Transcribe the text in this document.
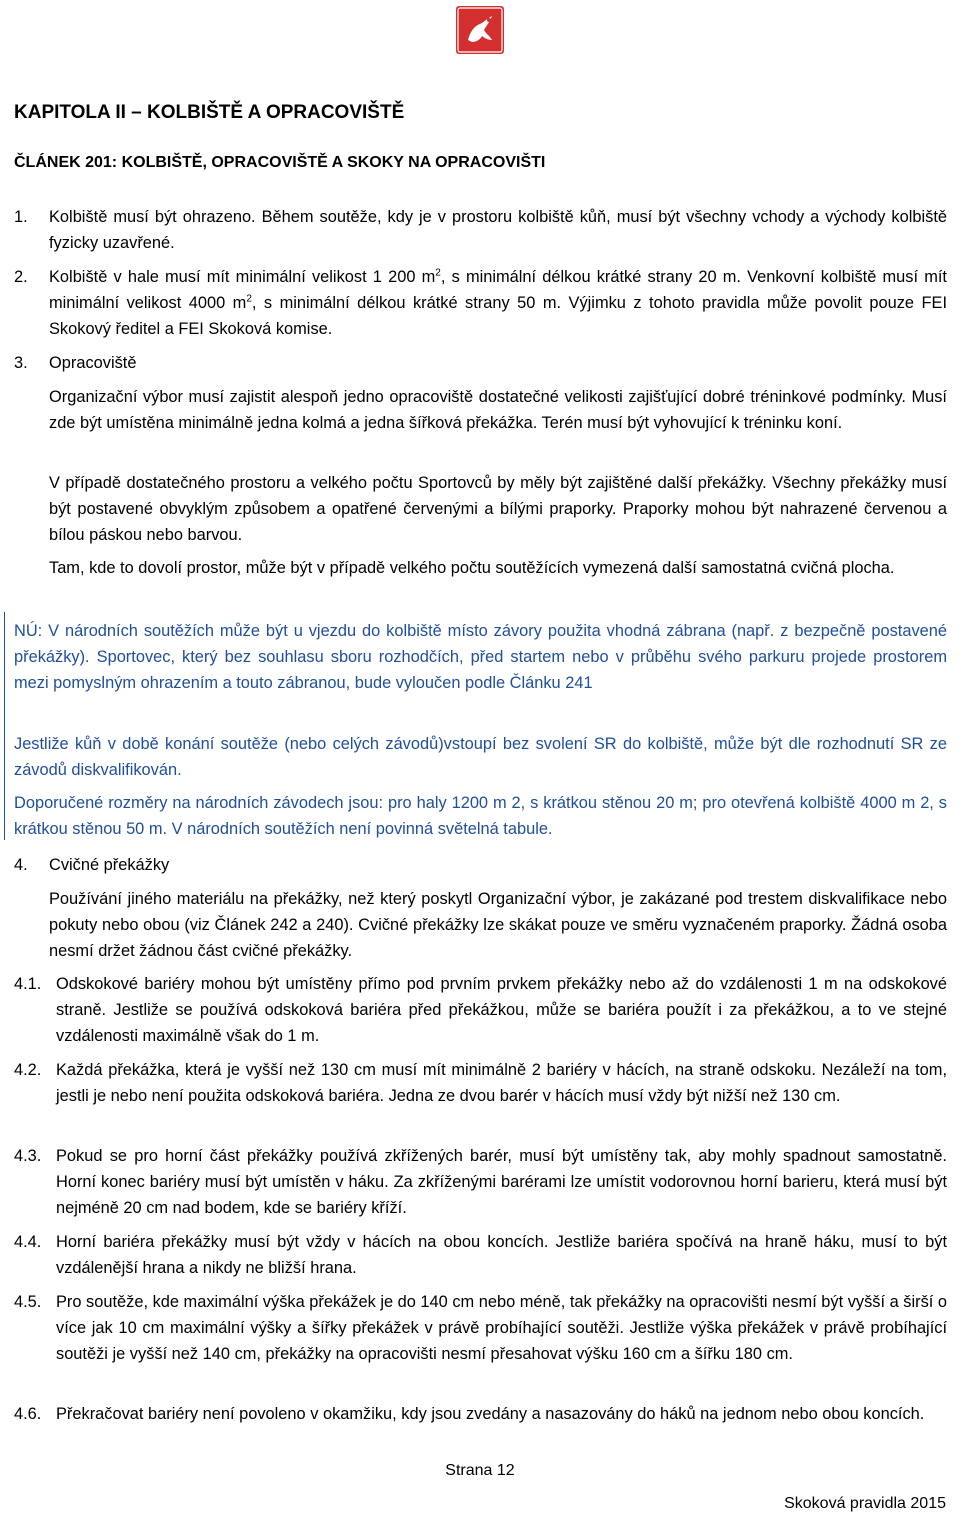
KAPITOLA II – KOLBIŠTĚ A OPRACOVIŠTĚ
ČLÁNEK 201: KOLBIŠTĚ, OPRACOVIŠTĚ A SKOKY NA OPRACOVIŠTI
1. Kolbiště musí být ohrazeno. Během soutěže, kdy je v prostoru kolbiště kůň, musí být všechny vchody a východy kolbiště fyzicky uzavřené.

2. Kolbiště v hale musí mít minimální velikost 1 200 $m^2$, s minimální délkou krátké strany 20 m. Venkovní kolbiště musí mít minimální velikost 4000 $m^2$, s minimální délkou krátké strany 50 m. Výjimku z tohoto pravidla může povolit pouze FEI Skokový ředitel a FEI Skoková komise.

3. Opracoviště

Organizační výbor musí zajistit alespoň jedno opracoviště dostatečné velikosti zajišťující dobré tréninkové podmínky. Musí zde být umístěna minimálně jedna kolmá a jedna šířková překážka. Terén musí být vyhovující k tréninku koní.

V případě dostatečného prostoru a velkého počtu Sportovců by měly být zajištěné další překážky. Všechny překážky musí být postavené obvyklým způsobem a opatřené červenými a bílými praporky. Praporky mohou být nahrazené červenou a bílou páskou nebo barvou.

Tam, kde to dovolí prostor, může být v případě velkého počtu soutěžících vymezená další samostatná cvičná plocha.

NÚ: V národních soutěžích může být u vjezdu do kolbiště místo závory použita vhodná zábrana (např. z bezpečně postavené překážky). Sportovec, který bez souhlasu sboru rozhodčích, před startem nebo v průběhu svého parkuru projede prostorem mezi pomyslným ohrazením a touto zábranou, bude vyloučen podle Článku 241

Jestliže kůň v době konání soutěže (nebo celých závodů)vstoupí bez svolení SR do kolbiště, může být dle rozhodnutí SR ze závodů diskvalifikován.

Doporučené rozměry na národních závodech jsou: pro haly 1200 m 2, s krátkou stěnou 20 m; pro otevřená kolbiště 4000 m 2, s krátkou stěnou 50 m. V národních soutěžích není povinná světelná tabule.

4. Cvičné překážky

Používání jiného materiálu na překážky, než který poskytl Organizační výbor, je zakázané pod trestem diskvalifikace nebo pokuty nebo obou (viz Článek 242 a 240). Cvičné překážky lze skákat pouze ve směru vyznačeném praporky. Žádná osoba nesmí držet žádnou část cvičné překážky.

4.1. Odskokové bariéry mohou být umístěny přímo pod prvním prvkem překážky nebo až do vzdálenosti 1 m na odskokové straně. Jestliže se používá odskoková bariéra před překážkou, může se bariéra použít i za překážkou, a to ve stejné vzdálenosti maximálně však do 1 m.

4.2. Každá překážka, která je vyšší než 130 cm musí mít minimálně 2 bariéry v hácích, na straně odskoku. Nezáleží na tom, jestli je nebo není použita odskoková bariéra. Jedna ze dvou barér v hácích musí vždy být nižší než 130 cm.

4.3. Pokud se pro horní část překážky používá zkřížených barér, musí být umístěny tak, aby mohly spadnout samostatně. Horní konec bariéry musí být umístěn v háku. Za zkříženými barérami lze umístit vodorovnou horní barieru, která musí být nejméně 20 cm nad bodem, kde se bariéry kříží.

4.4. Horní bariéra překážky musí být vždy v hácích na obou koncích. Jestliže bariéra spočívá na hraně háku, musí to být vzdálenější hrana a nikdy ne bližší hrana.

4.5. Pro soutěže, kde maximální výška překážek je do 140 cm nebo méně, tak překážky na opracovišti nesmí být vyšší a širší o více jak 10 cm maximální výšky a šířky překážek v právě probíhající soutěži. Jestliže výška překážek v právě probíhající soutěži je vyšší než 140 cm, překážky na opracovišti nesmí přesahovat výšku 160 cm a šířku 180 cm.

4.6. Překračovat bariéry není povoleno v okamžiku, kdy jsou zvedány a nasazovány do háků na jednom nebo obou koncích.

Strana 12
Skoková pravidla 2015
